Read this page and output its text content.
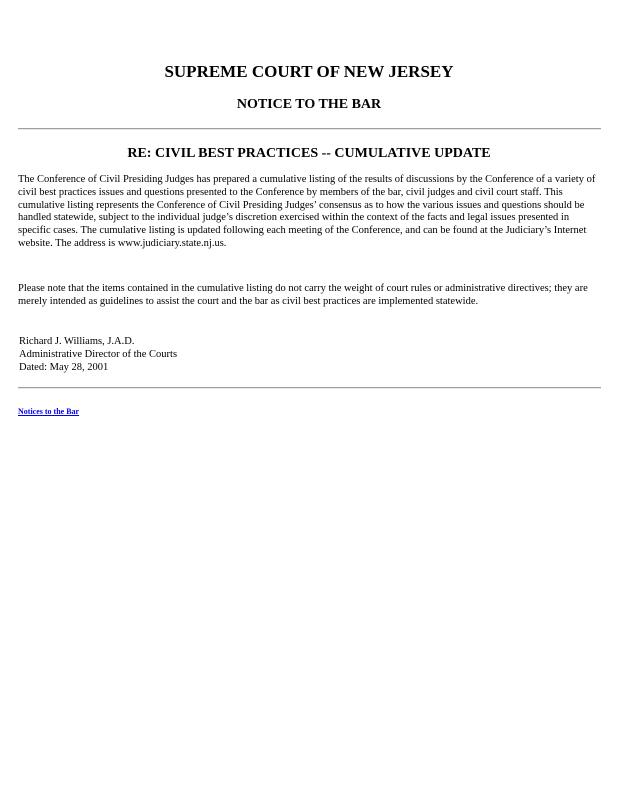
SUPREME COURT OF NEW JERSEY
NOTICE TO THE BAR
RE: CIVIL BEST PRACTICES -- CUMULATIVE UPDATE

The Conference of Civil Presiding Judges has prepared a cumulative listing of the results of discussions by the Conference of a variety of civil best practices issues and questions presented to the Conference by members of the bar, civil judges and civil court staff. This cumulative listing represents the Conference of Civil Presiding Judges’ consensus as to how the various issues and questions should be handled statewide, subject to the individual judge’s discretion exercised within the context of the facts and legal issues presented in specific cases. The cumulative listing is updated following each meeting of the Conference, and can be found at the Judiciary’s Internet website. The address is www.judiciary.state.nj.us.

Please note that the items contained in the cumulative listing do not carry the weight of court rules or administrative directives; they are merely intended as guidelines to assist the court and the bar as civil best practices are implemented statewide.

Richard J. Williams, J.A.D.
Administrative Director of the Courts
Dated: May 28, 2001
Notices to the Bar
